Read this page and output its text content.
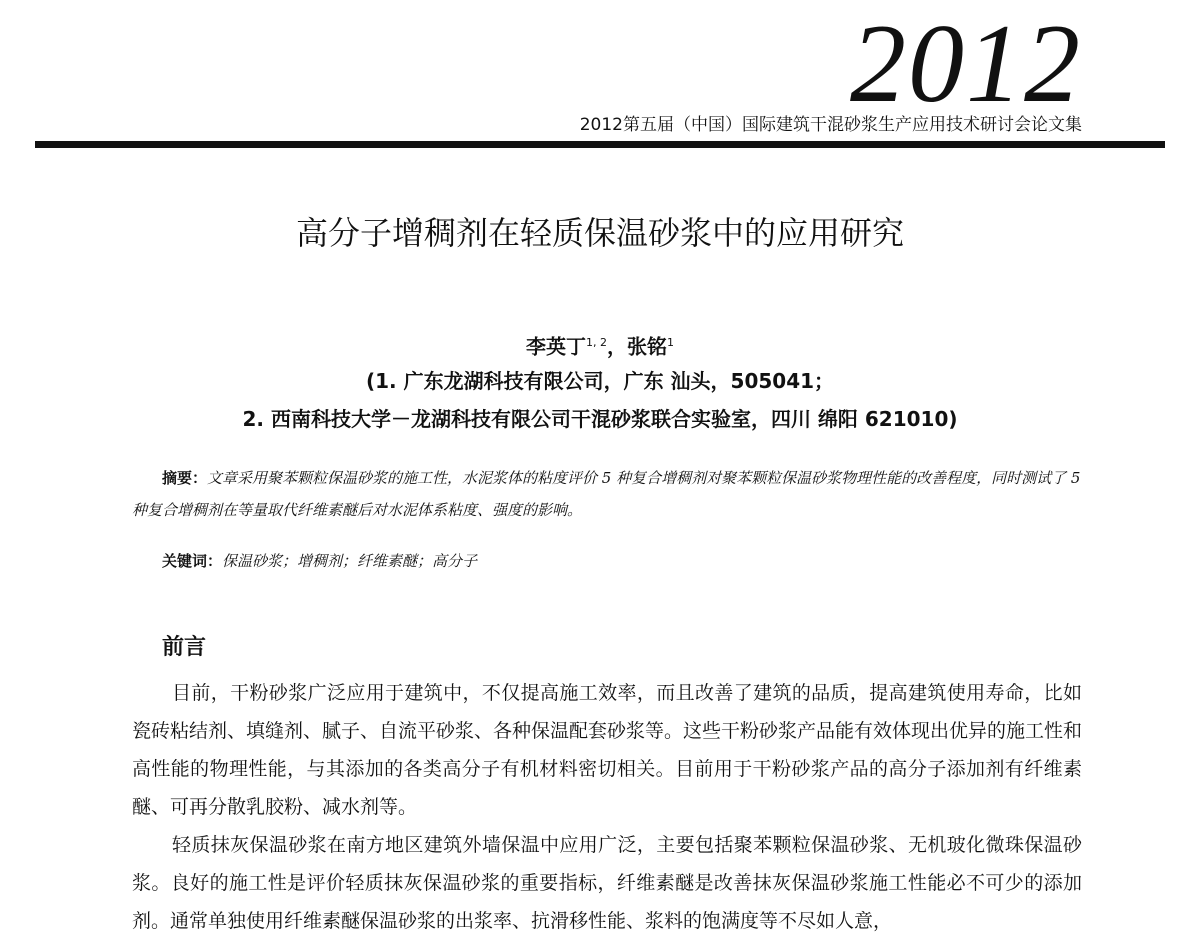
2012
2012第五届（中国）国际建筑干混砂浆生产应用技术研讨会论文集
高分子增稠剂在轻质保温砂浆中的应用研究
李英丁$^{1, 2}$，张铭$^1$
(1. 广东龙湖科技有限公司，广东 汕头，505041；
2. 西南科技大学－龙湖科技有限公司干混砂浆联合实验室，四川 绵阳 621010)
摘要：文章采用聚苯颗粒保温砂浆的施工性，水泥浆体的粘度评价 5 种复合增稠剂对聚苯颗粒保温砂浆物理性能的改善程度，同时测试了 5 种复合增稠剂在等量取代纤维素醚后对水泥体系粘度、强度的影响。
关键词：保温砂浆；增稠剂；纤维素醚；高分子
前言

目前，干粉砂浆广泛应用于建筑中，不仅提高施工效率，而且改善了建筑的品质，提高建筑使用寿命，比如瓷砖粘结剂、填缝剂、腻子、自流平砂浆、各种保温配套砂浆等。这些干粉砂浆产品能有效体现出优异的施工性和高性能的物理性能，与其添加的各类高分子有机材料密切相关。目前用于干粉砂浆产品的高分子添加剂有纤维素醚、可再分散乳胶粉、减水剂等。

轻质抹灰保温砂浆在南方地区建筑外墙保温中应用广泛，主要包括聚苯颗粒保温砂浆、无机玻化微珠保温砂浆。良好的施工性是评价轻质抹灰保温砂浆的重要指标，纤维素醚是改善抹灰保温砂浆施工性能必不可少的添加剂。通常单独使用纤维素醚保温砂浆的出浆率、抗滑移性能、浆料的饱满度等不尽如人意，
